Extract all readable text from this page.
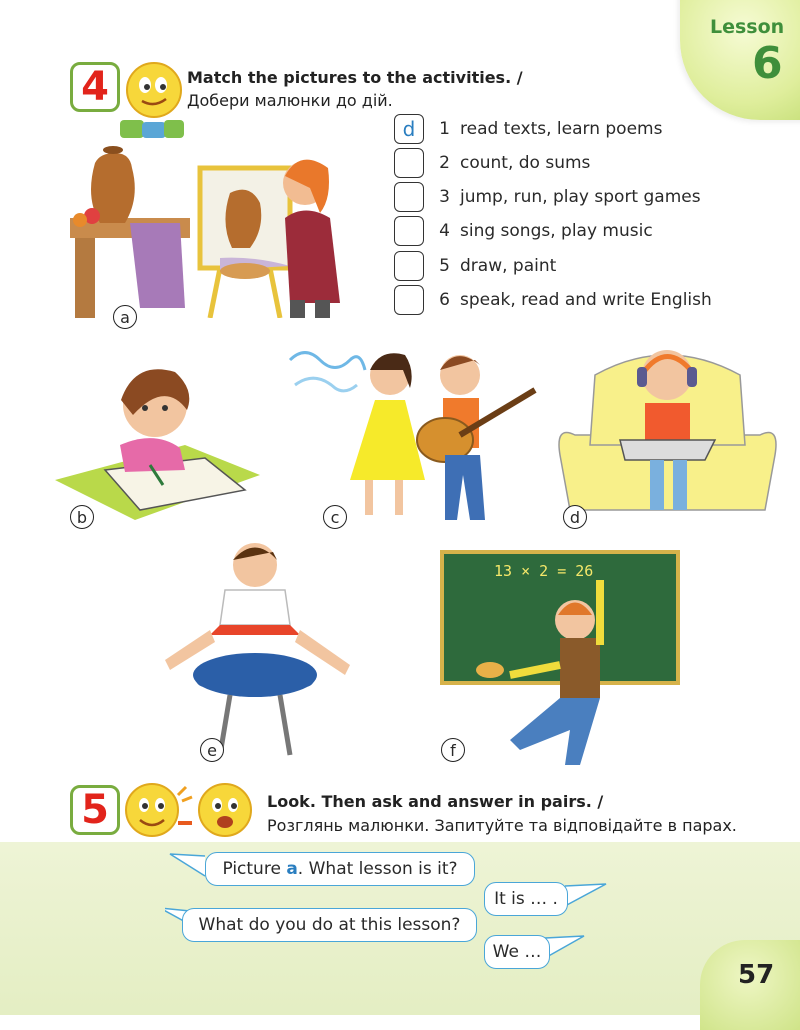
Lesson
6
4	Match the pictures to the activities. /
Добери малюнки до дій.
d	1 read texts, learn poems
2 count, do sums
3 jump, run, play sport games
4 sing songs, play music
5 draw, paint
6 speak, read and write English
a
b	c	d
e
13 × 2 = 26
f
5	Look. Then ask and answer in pairs. /
Розглянь малюнки. Запитуйте та відповідайте в парах.
Picture
a . What lesson is it?
It is … .
What do you do at this lesson?
We …
57
